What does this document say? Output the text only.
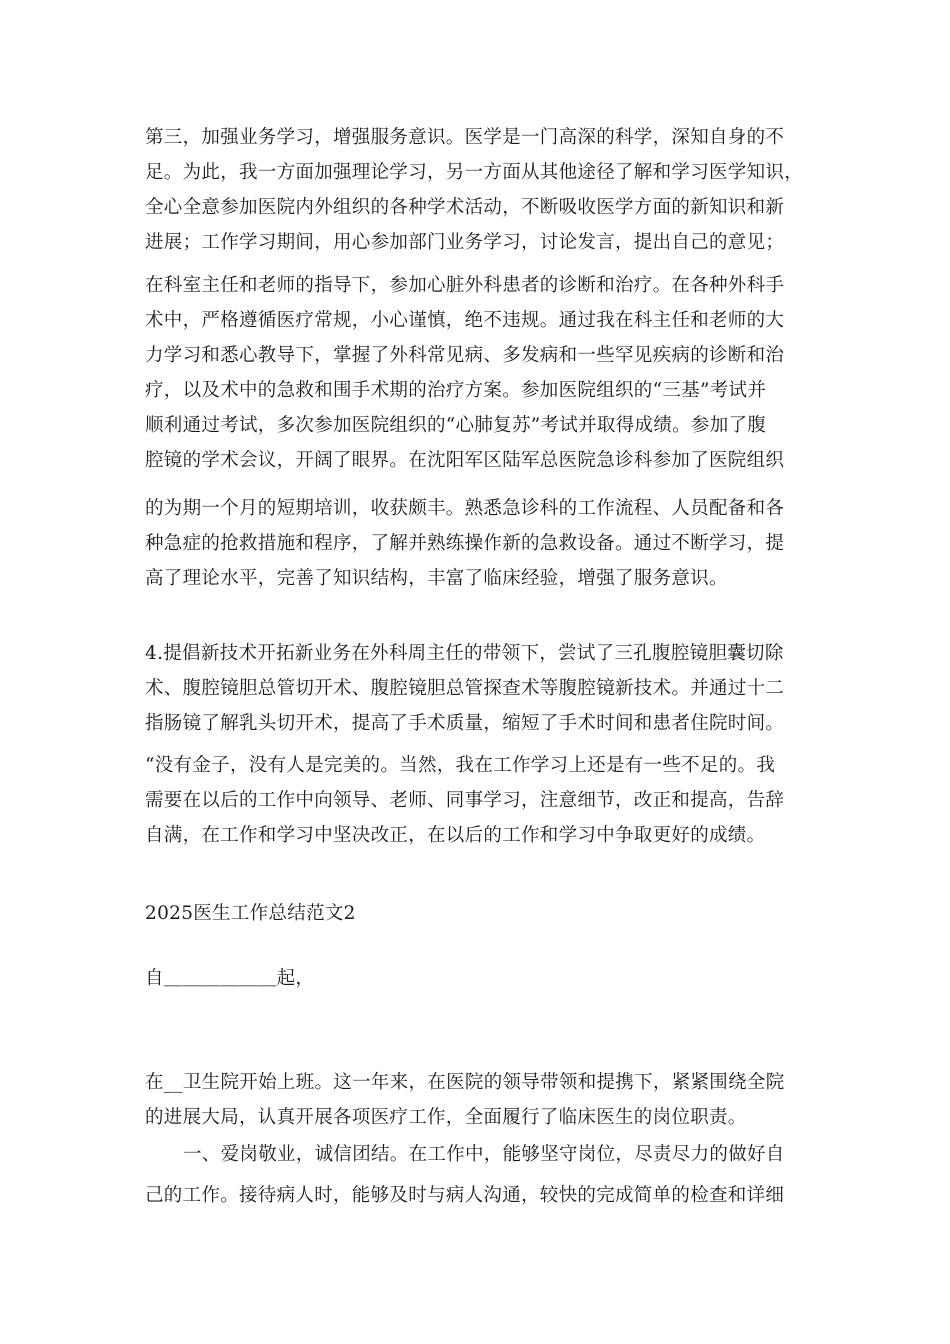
第三，加强业务学习，增强服务意识。医学是一门高深的科学，深知自身的不
足。为此，我一方面加强理论学习，另一方面从其他途径了解和学习医学知识，
全心全意参加医院内外组织的各种学术活动，不断吸收医学方面的新知识和新
进展；工作学习期间，用心参加部门业务学习，讨论发言，提出自己的意见；
在科室主任和老师的指导下，参加心脏外科患者的诊断和治疗。在各种外科手
术中，严格遵循医疗常规，小心谨慎，绝不违规。通过我在科主任和老师的大
力学习和悉心教导下，掌握了外科常见病、多发病和一些罕见疾病的诊断和治
疗，以及术中的急救和围手术期的治疗方案。参加医院组织的“三基”考试并
顺利通过考试，多次参加医院组织的“心肺复苏”考试并取得成绩。参加了腹
腔镜的学术会议，开阔了眼界。在沈阳军区陆军总医院急诊科参加了医院组织
的为期一个月的短期培训，收获颇丰。熟悉急诊科的工作流程、人员配备和各
种急症的抢救措施和程序，了解并熟练操作新的急救设备。通过不断学习，提
高了理论水平，完善了知识结构，丰富了临床经验，增强了服务意识。
4.提倡新技术开拓新业务在外科周主任的带领下，尝试了三孔腹腔镜胆囊切除
术、腹腔镜胆总管切开术、腹腔镜胆总管探查术等腹腔镜新技术。并通过十二
指肠镜了解乳头切开术，提高了手术质量，缩短了手术时间和患者住院时间。
“没有金子，没有人是完美的。当然，我在工作学习上还是有一些不足的。我
需要在以后的工作中向领导、老师、同事学习，注意细节，改正和提高，告辞
自满，在工作和学习中坚决改正，在以后的工作和学习中争取更好的成绩。
2025医生工作总结范文2
自＿＿＿＿＿＿起，
在__卫生院开始上班。这一年来，在医院的领导带领和提携下，紧紧围绕全院
的进展大局，认真开展各项医疗工作，全面履行了临床医生的岗位职责。
一、爱岗敬业，诚信团结。在工作中，能够坚守岗位，尽责尽力的做好自
己的工作。接待病人时，能够及时与病人沟通，较快的完成简单的检查和详细
